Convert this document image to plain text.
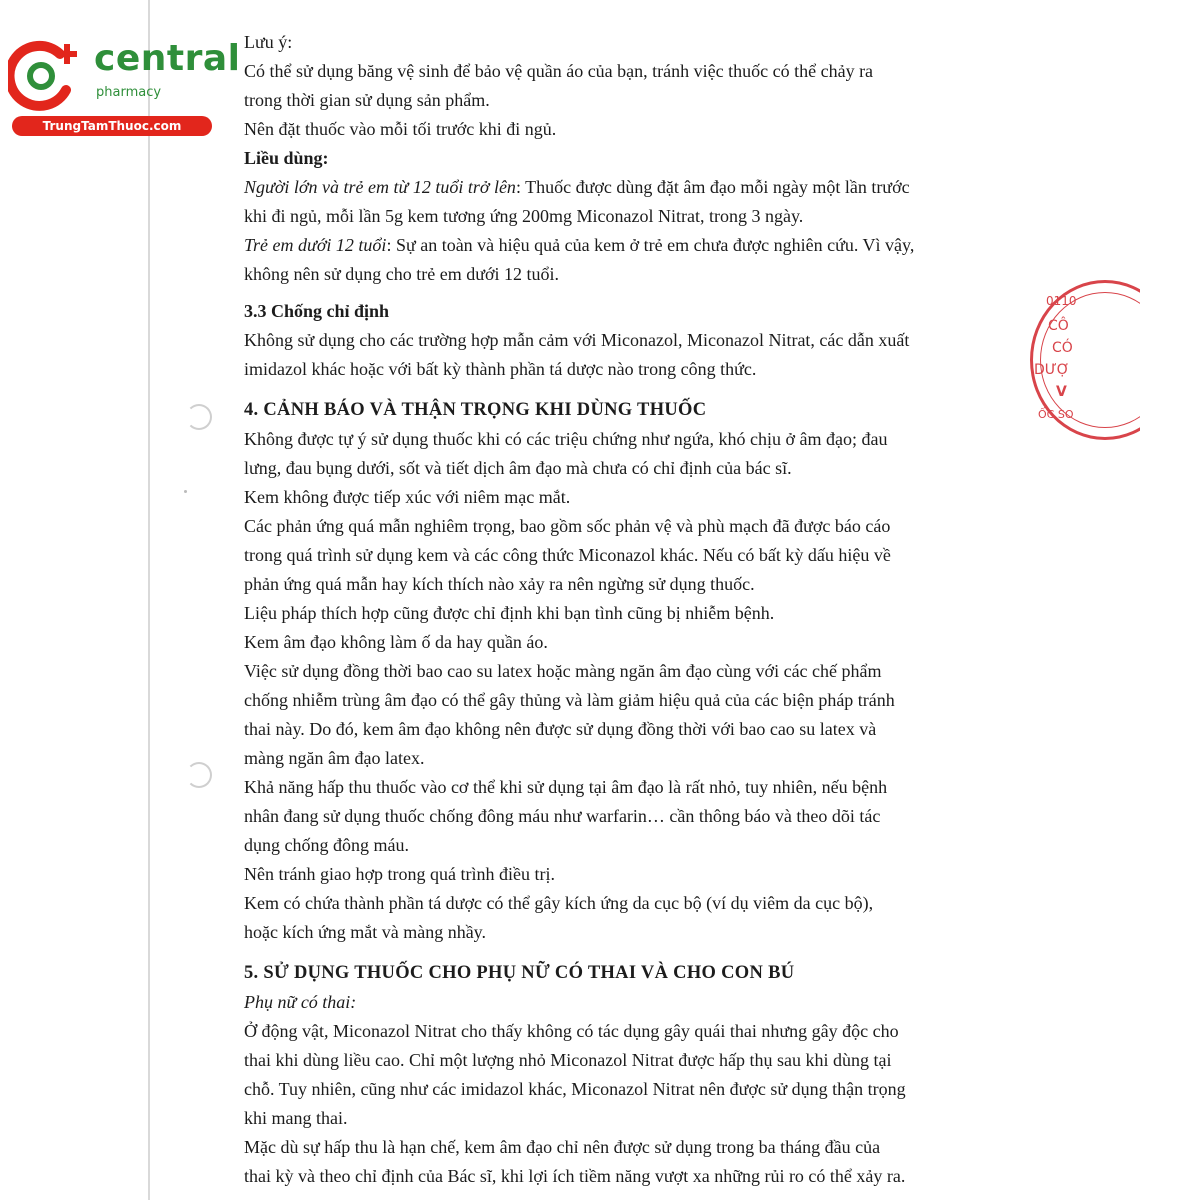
central
pharmacy
TrungTamThuoc.com
0110
CÔ
CÓ
DƯỢ
V
ỐC SO
Lưu ý:
Có thể sử dụng băng vệ sinh để bảo vệ quần áo của bạn, tránh việc thuốc có thể chảy ra
trong thời gian sử dụng sản phẩm.
Nên đặt thuốc vào mỗi tối trước khi đi ngủ.
Liều dùng:
Người lớn và trẻ em từ 12 tuổi trở lên: Thuốc được dùng đặt âm đạo mỗi ngày một lần trước
khi đi ngủ, mỗi lần 5g kem tương ứng 200mg Miconazol Nitrat, trong 3 ngày.
Trẻ em dưới 12 tuổi: Sự an toàn và hiệu quả của kem ở trẻ em chưa được nghiên cứu. Vì vậy,
không nên sử dụng cho trẻ em dưới 12 tuổi.
3.3 Chống chỉ định
Không sử dụng cho các trường hợp mẫn cảm với Miconazol, Miconazol Nitrat, các dẫn xuất
imidazol khác hoặc với bất kỳ thành phần tá dược nào trong công thức.
4. CẢNH BÁO VÀ THẬN TRỌNG KHI DÙNG THUỐC
Không được tự ý sử dụng thuốc khi có các triệu chứng như ngứa, khó chịu ở âm đạo; đau
lưng, đau bụng dưới, sốt và tiết dịch âm đạo mà chưa có chỉ định của bác sĩ.
Kem không được tiếp xúc với niêm mạc mắt.
Các phản ứng quá mẫn nghiêm trọng, bao gồm sốc phản vệ và phù mạch đã được báo cáo
trong quá trình sử dụng kem và các công thức Miconazol khác. Nếu có bất kỳ dấu hiệu về
phản ứng quá mẫn hay kích thích nào xảy ra nên ngừng sử dụng thuốc.
Liệu pháp thích hợp cũng được chỉ định khi bạn tình cũng bị nhiễm bệnh.
Kem âm đạo không làm ố da hay quần áo.
Việc sử dụng đồng thời bao cao su latex hoặc màng ngăn âm đạo cùng với các chế phẩm
chống nhiễm trùng âm đạo có thể gây thủng và làm giảm hiệu quả của các biện pháp tránh
thai này. Do đó, kem âm đạo không nên được sử dụng đồng thời với bao cao su latex và
màng ngăn âm đạo latex.
Khả năng hấp thu thuốc vào cơ thể khi sử dụng tại âm đạo là rất nhỏ, tuy nhiên, nếu bệnh
nhân đang sử dụng thuốc chống đông máu như warfarin… cần thông báo và theo dõi tác
dụng chống đông máu.
Nên tránh giao hợp trong quá trình điều trị.
Kem có chứa thành phần tá dược có thể gây kích ứng da cục bộ (ví dụ viêm da cục bộ),
hoặc kích ứng mắt và màng nhầy.
5. SỬ DỤNG THUỐC CHO PHỤ NỮ CÓ THAI VÀ CHO CON BÚ
Phụ nữ có thai:
Ở động vật, Miconazol Nitrat cho thấy không có tác dụng gây quái thai nhưng gây độc cho
thai khi dùng liều cao. Chỉ một lượng nhỏ Miconazol Nitrat được hấp thụ sau khi dùng tại
chỗ. Tuy nhiên, cũng như các imidazol khác, Miconazol Nitrat nên được sử dụng thận trọng
khi mang thai.
Mặc dù sự hấp thu là hạn chế, kem âm đạo chỉ nên được sử dụng trong ba tháng đầu của
thai kỳ và theo chỉ định của Bác sĩ, khi lợi ích tiềm năng vượt xa những rủi ro có thể xảy ra.
